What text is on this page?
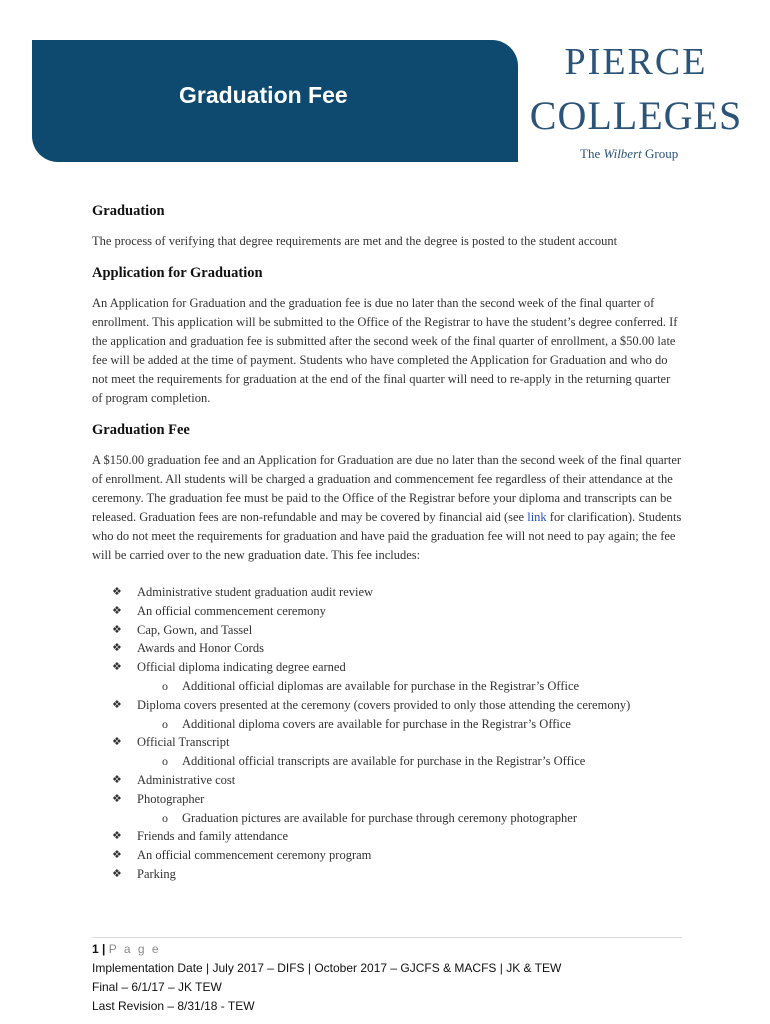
Graduation Fee
PIERCE
COLLEGES
The Wilbert Group
Graduation

The process of verifying that degree requirements are met and the degree is posted to the student account

Application for Graduation

An Application for Graduation and the graduation fee is due no later than the second week of the final quarter of enrollment. This application will be submitted to the Office of the Registrar to have the student’s degree conferred. If the application and graduation fee is submitted after the second week of the final quarter of enrollment, a $50.00 late fee will be added at the time of payment. Students who have completed the Application for Graduation and who do not meet the requirements for graduation at the end of the final quarter will need to re-apply in the returning quarter of program completion.

Graduation Fee

A $150.00 graduation fee and an Application for Graduation are due no later than the second week of the final quarter of enrollment. All students will be charged a graduation and commencement fee regardless of their attendance at the ceremony. The graduation fee must be paid to the Office of the Registrar before your diploma and transcripts can be released. Graduation fees are non-refundable and may be covered by financial aid (see link for clarification). Students who do not meet the requirements for graduation and have paid the graduation fee will not need to pay again; the fee will be carried over to the new graduation date. This fee includes:

❖ Administrative student graduation audit review
❖ An official commencement ceremony
❖ Cap, Gown, and Tassel
❖ Awards and Honor Cords
❖ Official diploma indicating degree earned
o Additional official diplomas are available for purchase in the Registrar’s Office
❖ Diploma covers presented at the ceremony (covers provided to only those attending the ceremony)
o Additional diploma covers are available for purchase in the Registrar’s Office
❖ Official Transcript
o Additional official transcripts are available for purchase in the Registrar’s Office
❖ Administrative cost
❖ Photographer
o Graduation pictures are available for purchase through ceremony photographer
❖ Friends and family attendance
❖ An official commencement ceremony program
❖ Parking
1 | P a g e
Implementation Date | July 2017 – DIFS | October 2017 – GJCFS & MACFS | JK & TEW
Final – 6/1/17 – JK TEW
Last Revision – 8/31/18 - TEW
